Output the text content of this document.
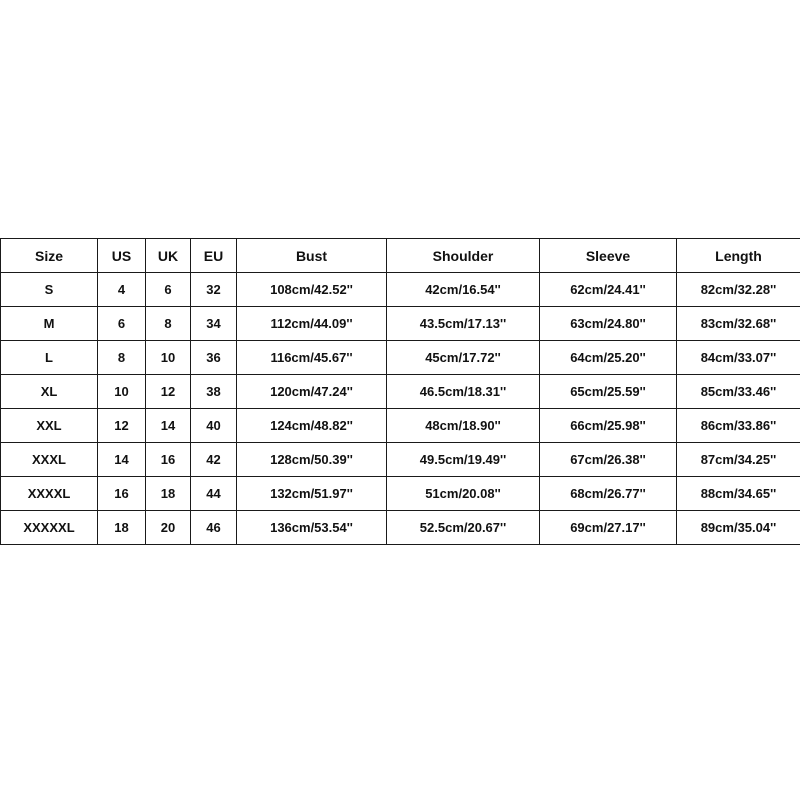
Size	US	UK	EU	Bust	Shoulder	Sleeve	Length
S	4	6	32	108cm/42.52''	42cm/16.54''	62cm/24.41''	82cm/32.28''
M	6	8	34	112cm/44.09''	43.5cm/17.13''	63cm/24.80''	83cm/32.68''
L	8	10	36	116cm/45.67''	45cm/17.72''	64cm/25.20''	84cm/33.07''
XL	10	12	38	120cm/47.24''	46.5cm/18.31''	65cm/25.59''	85cm/33.46''
XXL	12	14	40	124cm/48.82''	48cm/18.90''	66cm/25.98''	86cm/33.86''
XXXL	14	16	42	128cm/50.39''	49.5cm/19.49''	67cm/26.38''	87cm/34.25''
XXXXL	16	18	44	132cm/51.97''	51cm/20.08''	68cm/26.77''	88cm/34.65''
XXXXXL	18	20	46	136cm/53.54''	52.5cm/20.67''	69cm/27.17''	89cm/35.04''
